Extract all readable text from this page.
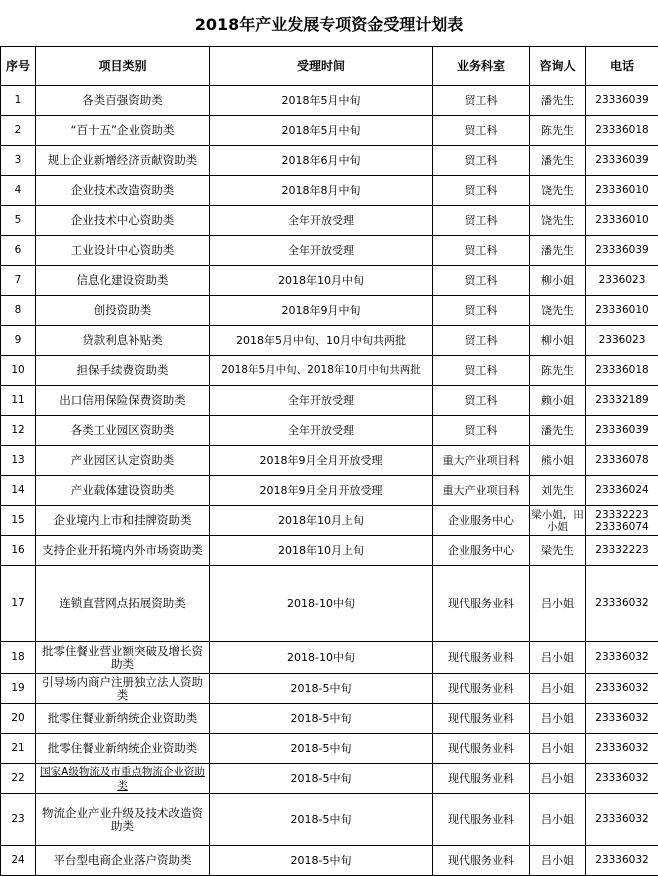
2018年产业发展专项资金受理计划表
序号	项目类别	受理时间	业务科室	咨询人	电话
1	各类百强资助类	2018年5月中旬	贸工科	潘先生	23336039
2	“百十五”企业资助类	2018年5月中旬	贸工科	陈先生	23336018
3	规上企业新增经济贡献资助类	2018年6月中旬	贸工科	潘先生	23336039
4	企业技术改造资助类	2018年8月中旬	贸工科	饶先生	23336010
5	企业技术中心资助类	全年开放受理	贸工科	饶先生	23336010
6	工业设计中心资助类	全年开放受理	贸工科	潘先生	23336039
7	信息化建设资助类	2018年10月中旬	贸工科	柳小姐	2336023
8	创投资助类	2018年9月中旬	贸工科	饶先生	23336010
9	贷款利息补贴类	2018年5月中旬、10月中旬共两批	贸工科	柳小姐	2336023
10	担保手续费资助类	2018年5月中旬、2018年10月中旬共两批	贸工科	陈先生	23336018
11	出口信用保险保费资助类	全年开放受理	贸工科	赖小姐	23332189
12	各类工业园区资助类	全年开放受理	贸工科	潘先生	23336039
13	产业园区认定资助类	2018年9月全月开放受理	重大产业项目科	熊小姐	23336078
14	产业载体建设资助类	2018年9月全月开放受理	重大产业项目科	刘先生	23336024
15	企业境内上市和挂牌资助类	2018年10月上旬	企业服务中心	梁小姐，田小姐	23332223 23336074
16	支持企业开拓境内外市场资助类	2018年10月上旬	企业服务中心	梁先生	23332223
17	连锁直营网点拓展资助类	2018-10中旬	现代服务业科	吕小姐	23336032
18	批零住餐业营业额突破及增长资助类	2018-10中旬	现代服务业科	吕小姐	23336032
19	引导场内商户注册独立法人资助类	2018-5中旬	现代服务业科	吕小姐	23336032
20	批零住餐业新纳统企业资助类	2018-5中旬	现代服务业科	吕小姐	23336032
21	批零住餐业新纳统企业资助类	2018-5中旬	现代服务业科	吕小姐	23336032
22	国家A级物流及市重点物流企业资助类	2018-5中旬	现代服务业科	吕小姐	23336032
23	物流企业产业升级及技术改造资助类	2018-5中旬	现代服务业科	吕小姐	23336032
24	平台型电商企业落户资助类	2018-5中旬	现代服务业科	吕小姐	23336032
